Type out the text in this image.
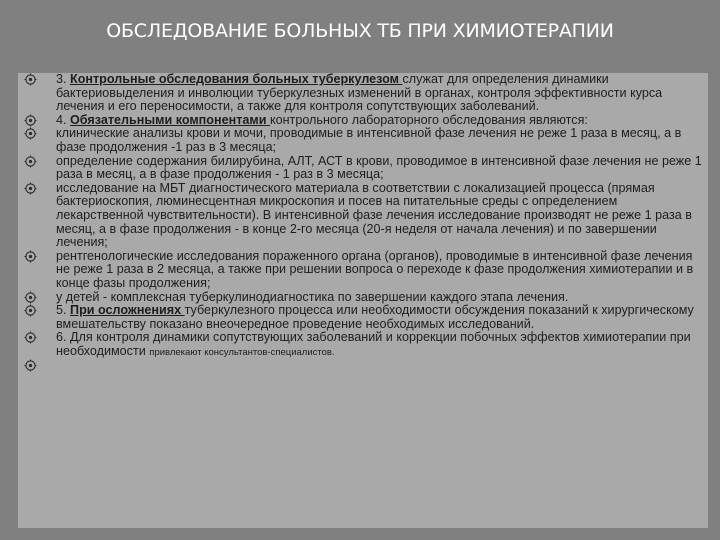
ОБСЛЕДОВАНИЕ БОЛЬНЫХ ТБ ПРИ ХИМИОТЕРАПИИ
3. Контрольные обследования больных туберкулезом служат для определения динамики бактериовыделения и инволюции туберкулезных изменений в органах, контроля эффективности курса лечения и его переносимости, а также для контроля сопутствующих заболеваний.
4. Обязательными компонентами контрольного лабораторного обследования являются:
клинические анализы крови и мочи, проводимые в интенсивной фазе лечения не реже 1 раза в месяц, а в фазе продолжения -1 раз в 3 месяца;
определение содержания билирубина, АЛТ, АСТ в крови, проводимое в интенсивной фазе лечения не реже 1 раза в месяц, а в фазе продолжения - 1 раз в 3 месяца;
исследование на МБТ диагностического материала в соответствии с локализацией процесса (прямая бактериоскопия, люминесцентная микроскопия и посев на питательные среды с определением лекарственной чувствительности). В интенсивной фазе лечения исследование производят не реже 1 раза в месяц, а в фазе продолжения - в конце 2-го месяца (20-я неделя от начала лечения) и по завершении лечения;
рентгенологические исследования пораженного органа (органов), проводимые в интенсивной фазе лечения не реже 1 раза в 2 месяца, а также при решении вопроса о переходе к фазе продолжения химиотерапии и в конце фазы продолжения;
у детей - комплексная туберкулинодиагностика по завершении каждого этапа лечения.
5. При осложнениях туберкулезного процесса или необходимости обсуждения показаний к хирургическому вмешательству показано внеочередное проведение необходимых исследований.
6. Для контроля динамики сопутствующих заболеваний и коррекции побочных эффектов химиотерапии при необходимости привлекают консультантов-специалистов.
